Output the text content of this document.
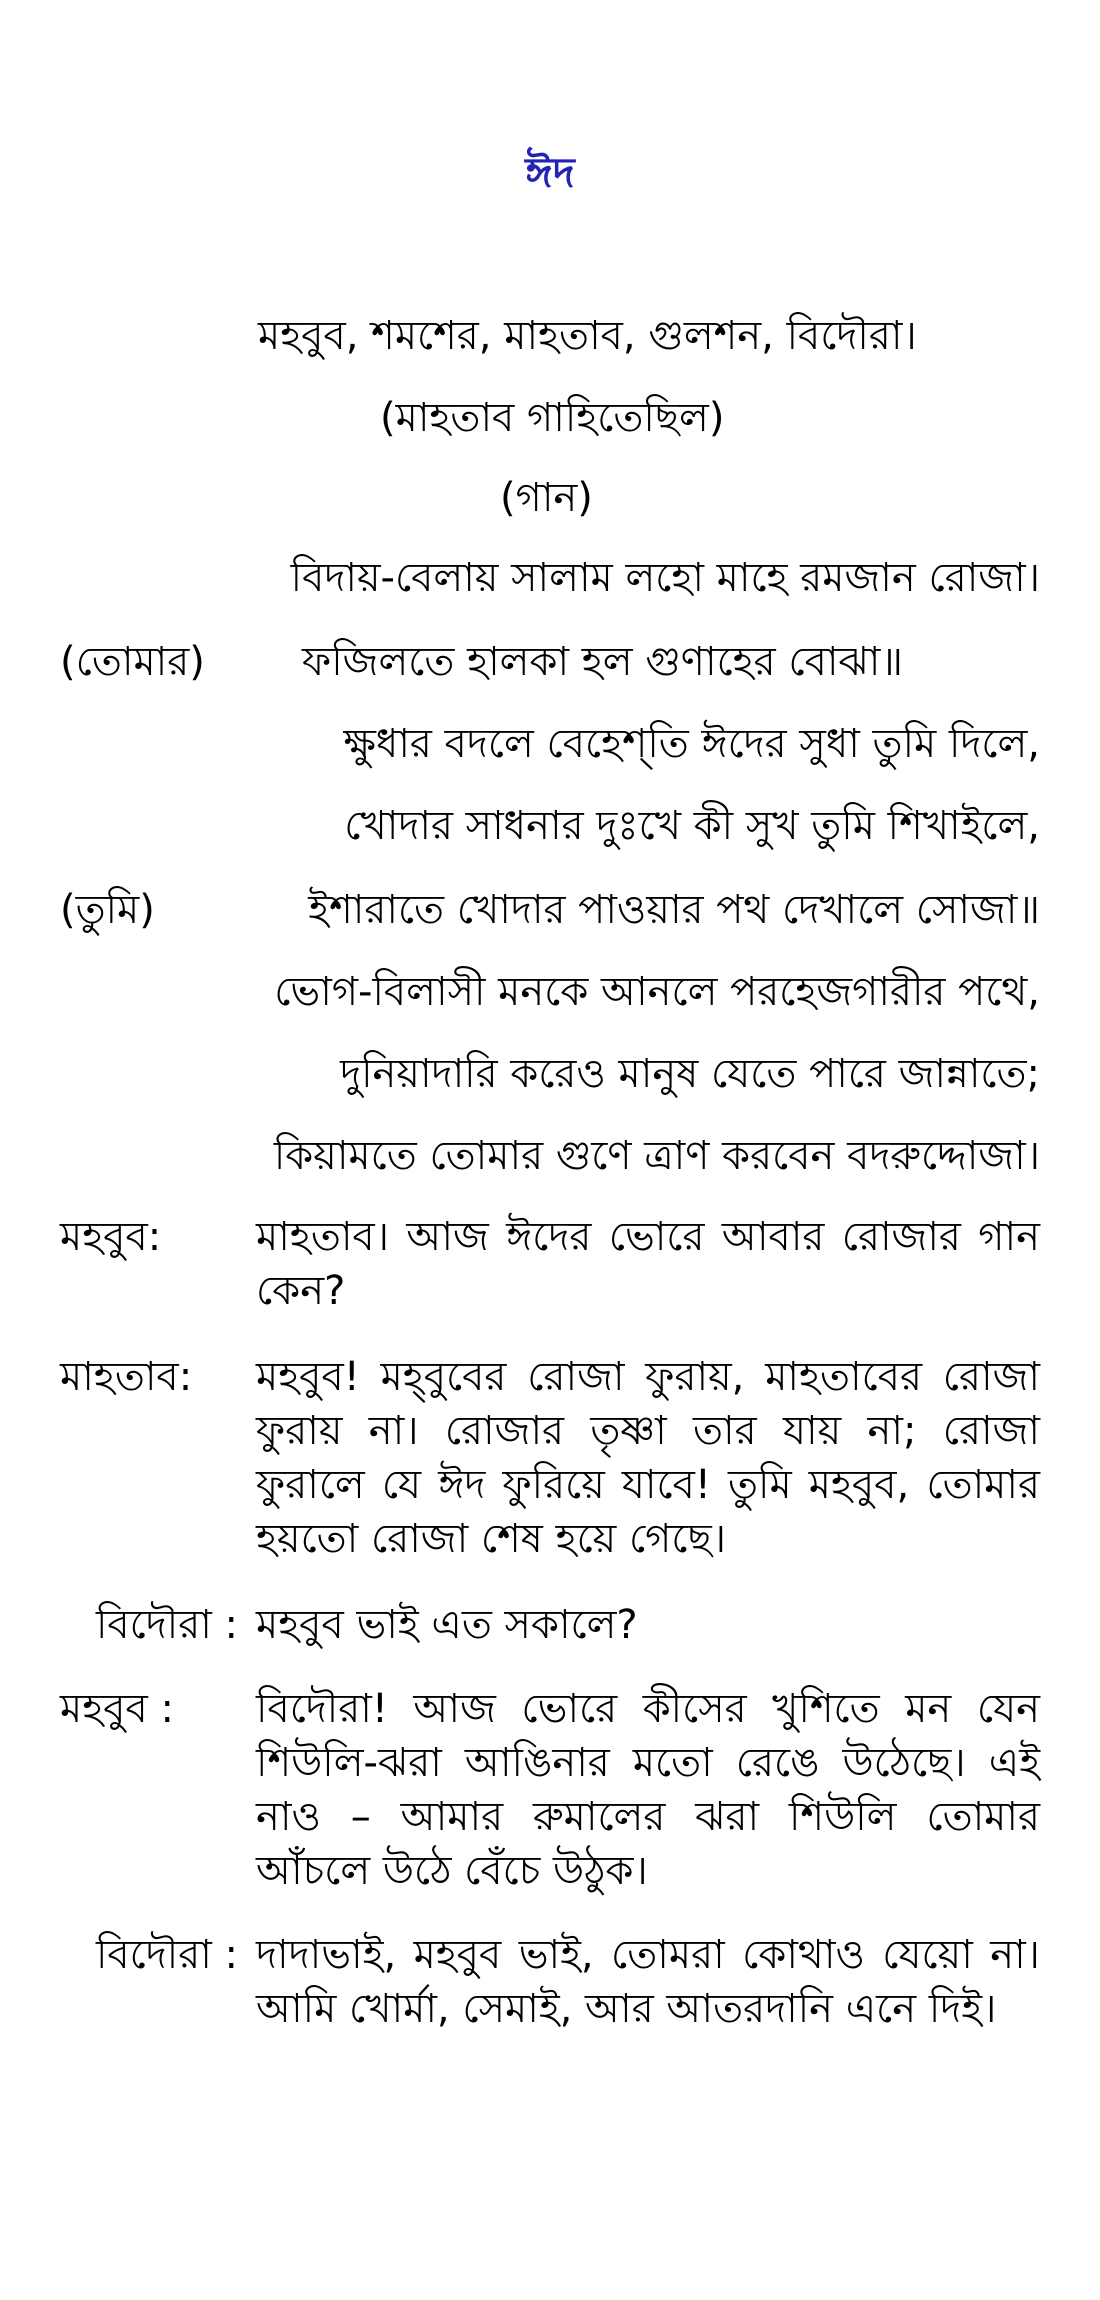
ঈদ
মহবুব, শমশের, মাহতাব, গুলশন, বিদৌরা।
(মাহতাব গাহিতেছিল)
(গান)
বিদায়-বেলায় সালাম লহো মাহে রমজান রোজা।
(তোমার) ফজিলতে হালকা হল গুণাহের বোঝা॥
ক্ষুধার বদলে বেহেশ্‌তি ঈদের সুধা তুমি দিলে,
খোদার সাধনার দুঃখে কী সুখ তুমি শিখাইলে,
(তুমি)	ইশারাতে খোদার পাওয়ার পথ দেখালে সোজা॥
ভোগ-বিলাসী মনকে আনলে পরহেজগারীর পথে,
দুনিয়াদারি করেও মানুষ যেতে পারে জান্নাতে;
কিয়ামতে তোমার গুণে ত্রাণ করবেন বদরুদ্দোজা।
মহবুব:	মাহতাব। আজ ঈদের ভোরে আবার রোজার গান কেন?
মাহতাব:	মহবুব! মহ্‌বুবের রোজা ফুরায়, মাহতাবের রোজা ফুরায় না। রোজার তৃষ্ণা তার যায় না; রোজা ফুরালে যে ঈদ ফুরিয়ে যাবে! তুমি মহবুব, তোমার হয়তো রোজা শেষ হয়ে গেছে।
বিদৌরা : মহবুব ভাই এত সকালে?
মহবুব :	বিদৌরা! আজ ভোরে কীসের খুশিতে মন যেন শিউলি-ঝরা আঙিনার মতো রেঙে উঠেছে। এই নাও – আমার রুমালের ঝরা শিউলি তোমার আঁচলে উঠে বেঁচে উঠুক।
বিদৌরা : দাদাভাই, মহবুব ভাই, তোমরা কোথাও যেয়ো না। আমি খোর্মা, সেমাই, আর আতরদানি এনে দিই।
